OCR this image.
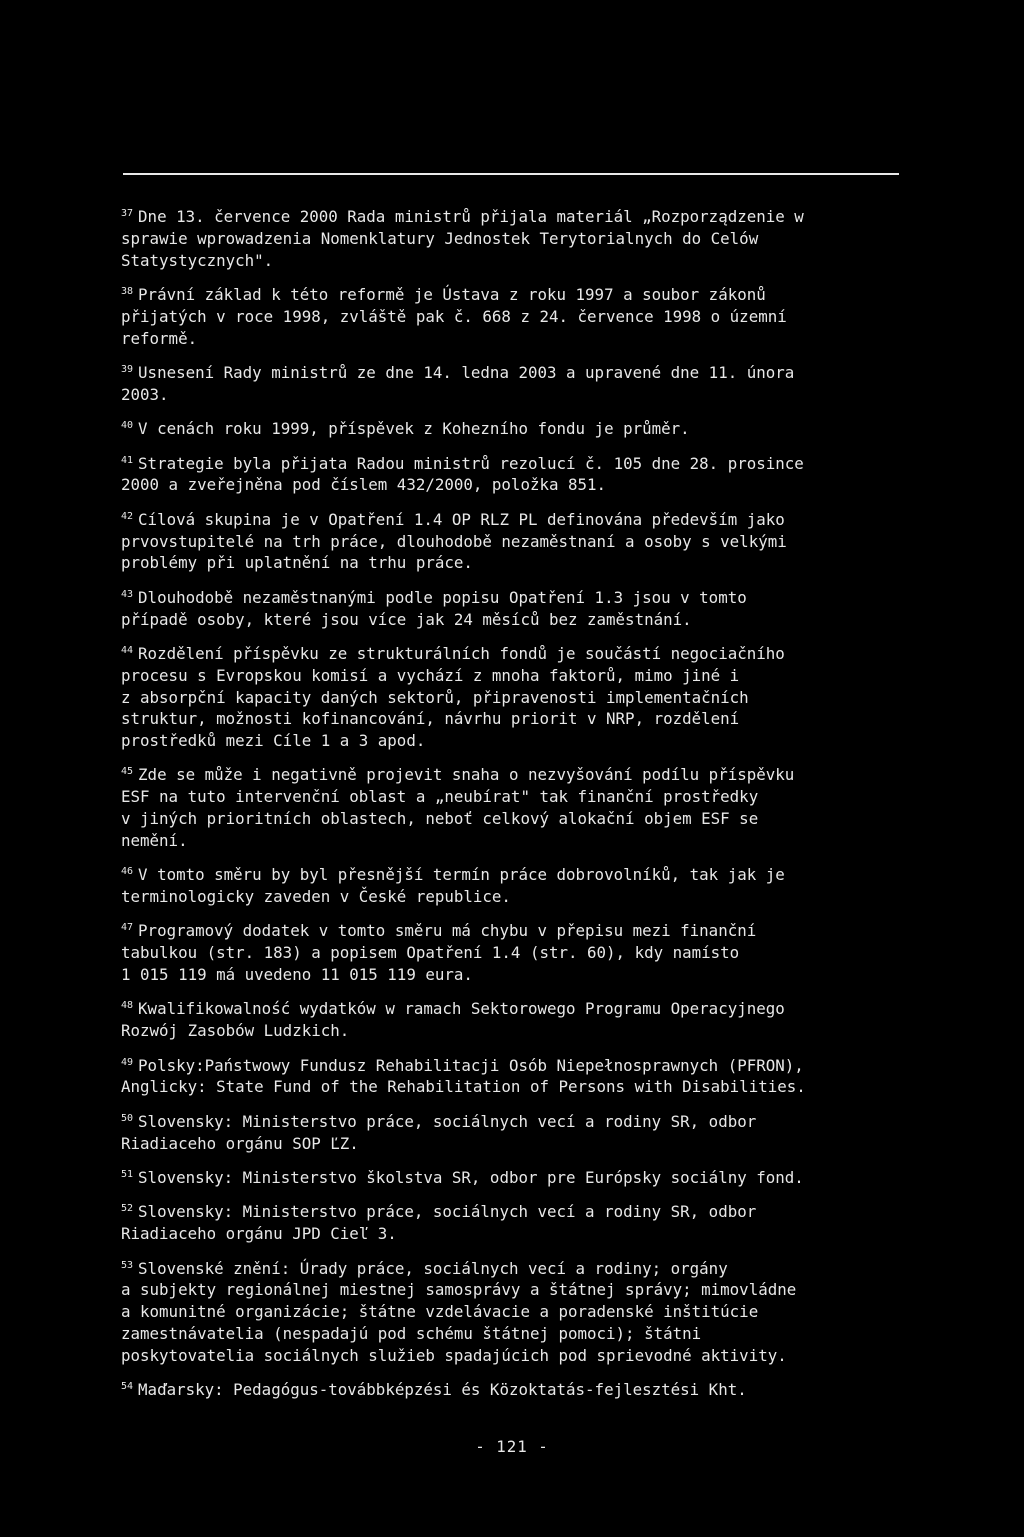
$^{37}$ Dne 13. července 2000 Rada ministrů přijala materiál „Rozporządzenie w
sprawie wprowadzenia Nomenklatury Jednostek Terytorialnych do Celów
Statystycznych".

$^{38}$ Právní základ k této reformě je Ústava z roku 1997 a soubor zákonů
přijatých v roce 1998, zvláště pak č. 668 z 24. července 1998 o územní
reformě.

$^{39}$ Usnesení Rady ministrů ze dne 14. ledna 2003 a upravené dne 11. února
2003.

$^{40}$ V cenách roku 1999, příspěvek z Kohezního fondu je průměr.

$^{41}$ Strategie byla přijata Radou ministrů rezolucí č. 105 dne 28. prosince
2000 a zveřejněna pod číslem 432/2000, položka 851.

$^{42}$ Cílová skupina je v Opatření 1.4 OP RLZ PL definována především jako
prvovstupitelé na trh práce, dlouhodobě nezaměstnaní a osoby s velkými
problémy při uplatnění na trhu práce.

$^{43}$ Dlouhodobě nezaměstnanými podle popisu Opatření 1.3 jsou v tomto
případě osoby, které jsou více jak 24 měsíců bez zaměstnání.

$^{44}$ Rozdělení příspěvku ze strukturálních fondů je součástí negociačního
procesu s Evropskou komisí a vychází z mnoha faktorů, mimo jiné i
z absorpční kapacity daných sektorů, připravenosti implementačních
struktur, možnosti kofinancování, návrhu priorit v NRP, rozdělení
prostředků mezi Cíle 1 a 3 apod.

$^{45}$ Zde se může i negativně projevit snaha o nezvyšování podílu příspěvku
ESF na tuto intervenční oblast a „neubírat" tak finanční prostředky
v jiných prioritních oblastech, neboť celkový alokační objem ESF se
nemění.

$^{46}$ V tomto směru by byl přesnější termín práce dobrovolníků, tak jak je
terminologicky zaveden v České republice.

$^{47}$ Programový dodatek v tomto směru má chybu v přepisu mezi finanční
tabulkou (str. 183) a popisem Opatření 1.4 (str. 60), kdy namísto
1 015 119 má uvedeno 11 015 119 eura.

$^{48}$ Kwalifikowalność wydatków w ramach Sektorowego Programu Operacyjnego
Rozwój Zasobów Ludzkich.

$^{49}$ Polsky:Państwowy Fundusz Rehabilitacji Osób Niepełnosprawnych (PFRON),
Anglicky: State Fund of the Rehabilitation of Persons with Disabilities.

$^{50}$ Slovensky: Ministerstvo práce, sociálnych vecí a rodiny SR, odbor
Riadiaceho orgánu SOP ĽZ.

$^{51}$ Slovensky: Ministerstvo školstva SR, odbor pre Európsky sociálny fond.

$^{52}$ Slovensky: Ministerstvo práce, sociálnych vecí a rodiny SR, odbor
Riadiaceho orgánu JPD Cieľ 3.

$^{53}$ Slovenské znění: Úrady práce, sociálnych vecí a rodiny; orgány
a subjekty regionálnej miestnej samosprávy a štátnej správy; mimovládne
a komunitné organizácie; štátne vzdelávacie a poradenské inštitúcie
zamestnávatelia (nespadajú pod schému štátnej pomoci); štátni
poskytovatelia sociálnych služieb spadajúcich pod sprievodné aktivity.

$^{54}$ Maďarsky: Pedagógus-továbbképzési és Közoktatás-fejlesztési Kht.

- 121 -
